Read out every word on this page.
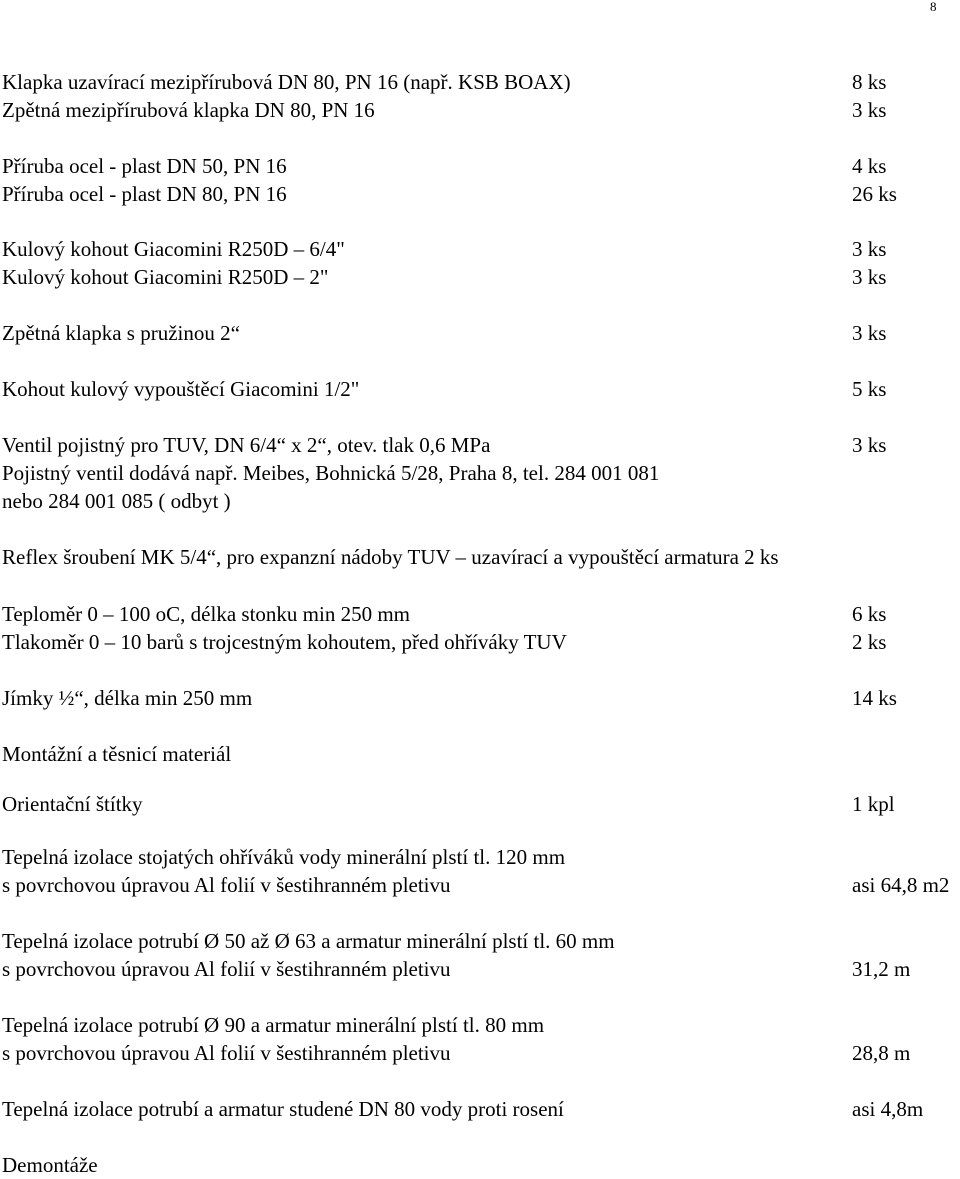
8
Klapka uzavírací mezipřírubová DN 80, PN 16 (např. KSB BOAX)	8 ks
Zpětná mezipřírubová klapka DN 80, PN 16	3 ks
Příruba ocel - plast DN 50, PN 16	4 ks
Příruba ocel - plast DN 80, PN 16	26 ks
Kulový kohout Giacomini R250D – 6/4"	3 ks
Kulový kohout Giacomini R250D – 2"	3 ks
Zpětná klapka s pružinou 2“	3 ks
Kohout kulový vypouštěcí Giacomini 1/2"	5 ks
Ventil pojistný pro TUV, DN 6/4“ x 2“, otev. tlak 0,6 MPa	3 ks
Pojistný ventil dodává např. Meibes, Bohnická 5/28, Praha 8, tel. 284 001 081
nebo 284 001 085 ( odbyt )
Reflex šroubení MK 5/4“, pro expanzní nádoby TUV – uzavírací a vypouštěcí armatura 2 ks
Teploměr 0 – 100 oC, délka stonku min 250 mm	6 ks
Tlakoměr 0 – 10 barů s trojcestným kohoutem, před ohříváky TUV	2 ks
Jímky ½“, délka min 250 mm	14 ks
Montážní a těsnicí materiál
Orientační štítky	1 kpl
Tepelná izolace stojatých ohříváků vody minerální plstí tl. 120 mm
s povrchovou úpravou Al folií v šestihranném pletivu	asi 64,8 m2
Tepelná izolace potrubí Ø 50 až Ø 63 a armatur minerální plstí tl. 60 mm
s povrchovou úpravou Al folií v šestihranném pletivu	31,2 m
Tepelná izolace potrubí Ø 90 a armatur minerální plstí tl. 80 mm
s povrchovou úpravou Al folií v šestihranném pletivu	28,8 m
Tepelná izolace potrubí a armatur studené DN 80 vody proti rosení	asi 4,8m
Demontáže
